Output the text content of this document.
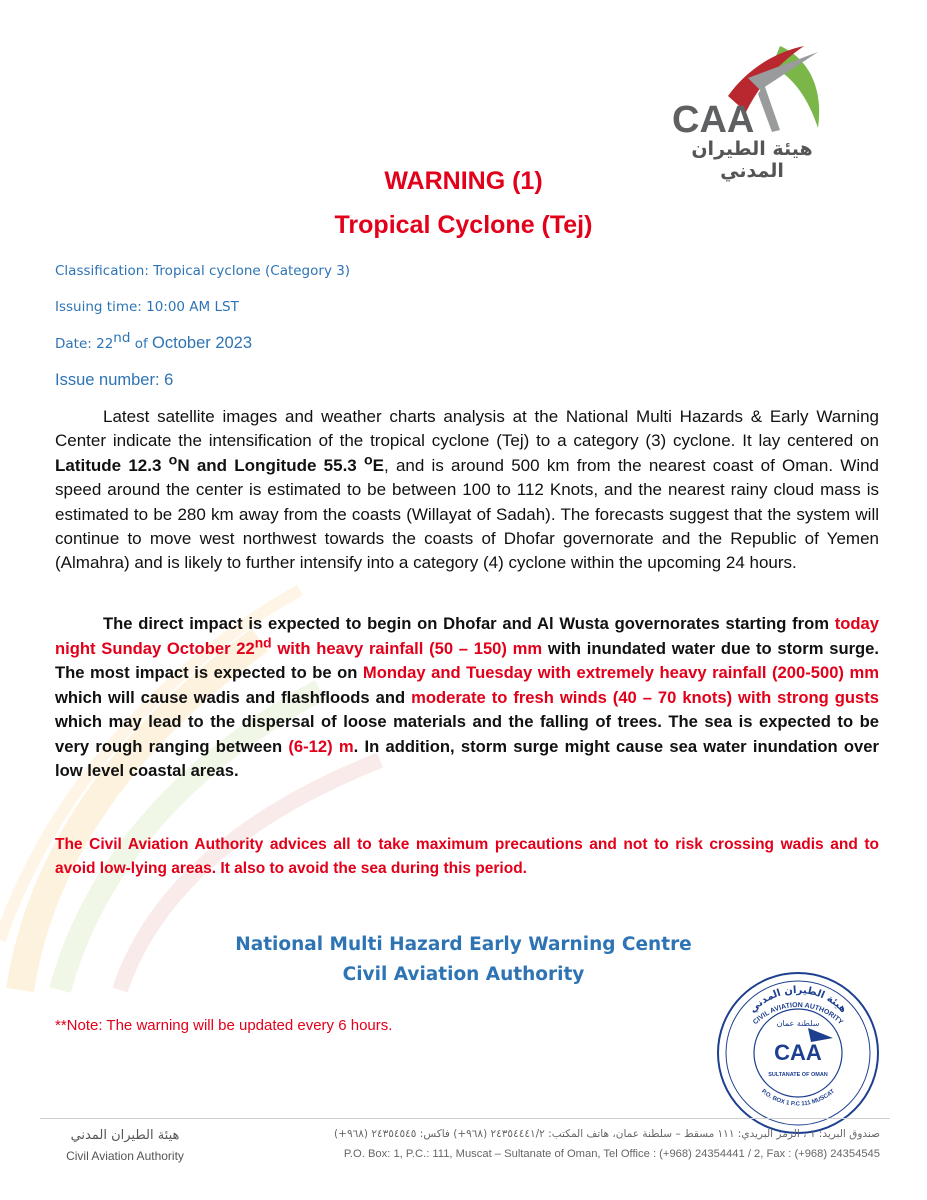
CAA
هيئة الطيران المدني
WARNING (1)
Tropical Cyclone (Tej)
Classification: Tropical cyclone (Category 3)
Issuing time: 10:00 AM LST
Date: 22nd of October 2023
Issue number: 6

Latest satellite images and weather charts analysis at the National Multi Hazards & Early Warning Center indicate the intensification of the tropical cyclone (Tej) to a category (3) cyclone. It lay centered on Latitude 12.3 $^o$N and Longitude 55.3 $^o$E, and is around 500 km from the nearest coast of Oman. Wind speed around the center is estimated to be between 100 to 112 Knots, and the nearest rainy cloud mass is estimated to be 280 km away from the coasts (Willayat of Sadah). The forecasts suggest that the system will continue to move west northwest towards the coasts of Dhofar governorate and the Republic of Yemen (Almahra) and is likely to further intensify into a category (4) cyclone within the upcoming 24 hours.

The direct impact is expected to begin on Dhofar and Al Wusta governorates starting from today night Sunday October 22nd with heavy rainfall (50 – 150) mm with inundated water due to storm surge. The most impact is expected to be on Monday and Tuesday with extremely heavy rainfall (200-500) mm which will cause wadis and flashfloods and moderate to fresh winds (40 – 70 knots) with strong gusts which may lead to the dispersal of loose materials and the falling of trees. The sea is expected to be very rough ranging between (6-12) m. In addition, storm surge might cause sea water inundation over low level coastal areas.

The Civil Aviation Authority advices all to take maximum precautions and not to risk crossing wadis and to avoid low-lying areas. It also to avoid the sea during this period.

National Multi Hazard Early Warning Centre
Civil Aviation Authority
**Note: The warning will be updated every 6 hours.
هيئة الطيران المدني
CIVIL AVIATION AUTHORITY
سلطنة عمان
CAA
SULTANATE OF OMAN
P.O. BOX 1 P.C 111 MUSCAT
هيئة الطيران المدني
Civil Aviation Authority
صندوق البريد: ١ ، الرمز البريدي: ١١١ مسقط – سلطنة عمان، هاتف المكتب: ٢٤٣٥٤٤٤١/٢ (٩٦٨+) فاكس: ٢٤٣٥٤٥٤٥ (٩٦٨+)
P.O. Box: 1, P.C.: 111, Muscat – Sultanate of Oman, Tel Office : (+968) 24354441 / 2, Fax : (+968) 24354545
